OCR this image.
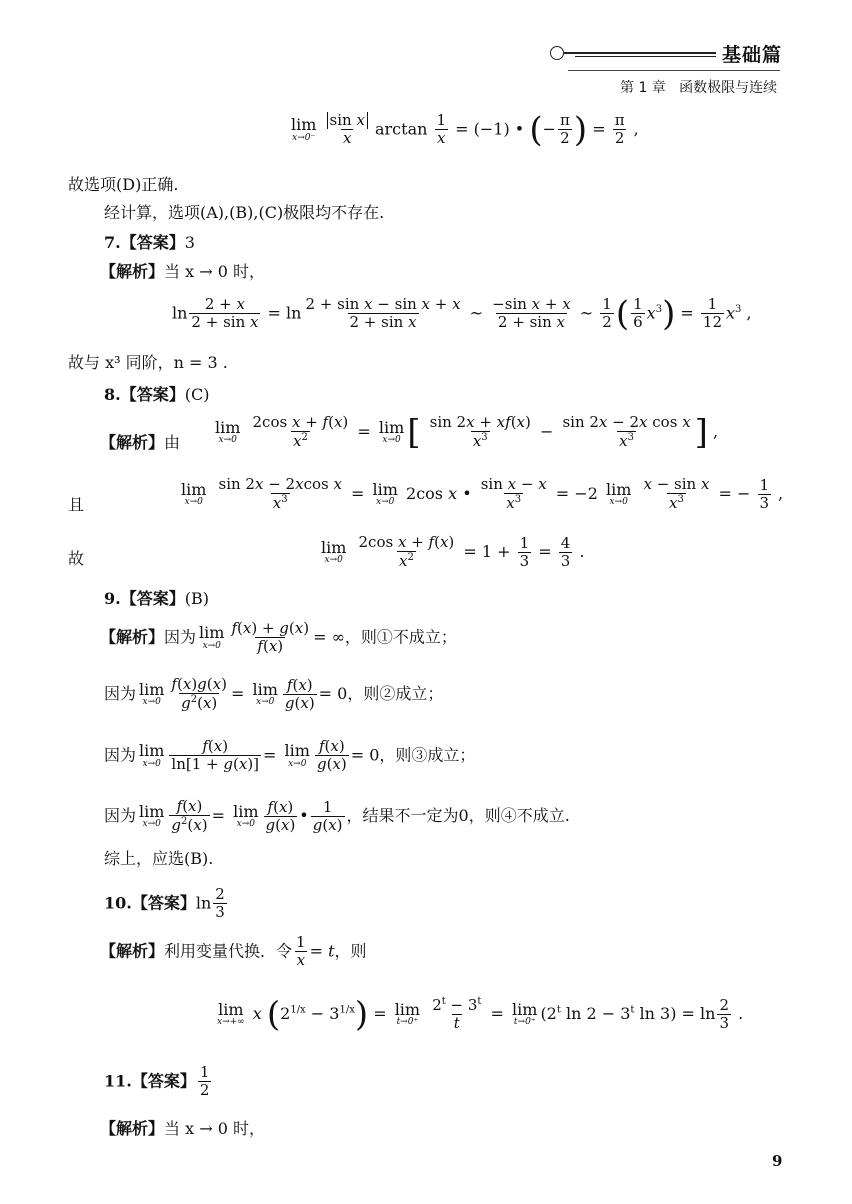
基础篇
第 1 章   函数极限与连续
lim
x→0⁻
$\frac{\text{sin x}}{x}$ $\arctan \frac{1}{x} = (-1)$ • (− $\frac{\pi}{2}$ ) = $\frac{\pi}{2}$ ,
故选项(D)正确.
经计算，选项(A),(B),(C)极限均不存在.
7.【答案】3
【解析】当 x → 0 时，
$\ln \frac{2 + x}{\text{2 + sin x}} = \ln \frac{\text{2 + sin x − sin x + x}}{\text{2 + sin x}}$ ~ $\frac{\text{−sin x + x}}{\text{2 + sin x}}$ ~ $\frac{1}{2}$ ( $\frac{1}{6} x^3) = \frac{1}{12} x^3$ ,
故与 x³ 同阶，n = 3 .
8.【答案】(C)
【解析】由
lim
x→0
$\frac{\text{2cos x + f(x)}}{x^2} = \lim$
x→0 [ $\frac{\sin 2x + xf(x)}{x^3} - \frac{\text{sin 2x − 2x cos x}}{x^3}$ ] ,
且
lim
x→0
$\frac{\text{sin 2x − 2xcos x}}{x^3} = \lim$
x→0 2cos x • $\frac{\text{sin x − x}}{x^3} = -2$ lim
x→0
$\frac{\text{x − sin x}}{x^3}$ = − $\frac{1}{3}$ ,
故
lim
x→0
$\frac{\text{2cos x + f(x)}}{x^2} = 1 + \frac{1}{3} = \frac{4}{3}$ .
9.【答案】(B)
【解析】因为 lim
$x\to 0 \frac{f(x) + g(x)}{f(x)}$ = ∞，则①不成立；
因为 lim
$x\to 0 \frac{f(x)g(x)}{g^2(x)} = \lim$
$x\to 0 \frac{f(x)}{g(x)} = 0$，则②成立；
因为 lim
$x\to 0 \frac{f(x)}{\ln[1 + g(x)]} = \lim$
$x\to 0 \frac{f(x)}{g(x)} = 0$，则③成立；
因为 lim
$x\to 0 \frac{f(x)}{g^2(x)} = \lim$
$x\to 0 \frac{f(x)}{g(x)}$ • $\frac{1}{g(x)}$ ，结果不一定为0，则④不成立.
综上，应选(B).
10.【答案】$\ln \frac{2}{3}$
【解析】利用变量代换．令 $\frac{1}{x} = t$，则
lim
x→+∞ x $(2^{1/x} - 3^{1/x}) = \lim$
t→0⁺
$\frac{2^t - 3^t}{t} = \lim$
t→0⁺ (2$^t$ $\ln 2 - 3^t$ $\ln 3) = \ln \frac{2}{3}$ .
11.【答案】 $\frac{1}{2}$
【解析】当 x → 0 时，
9
